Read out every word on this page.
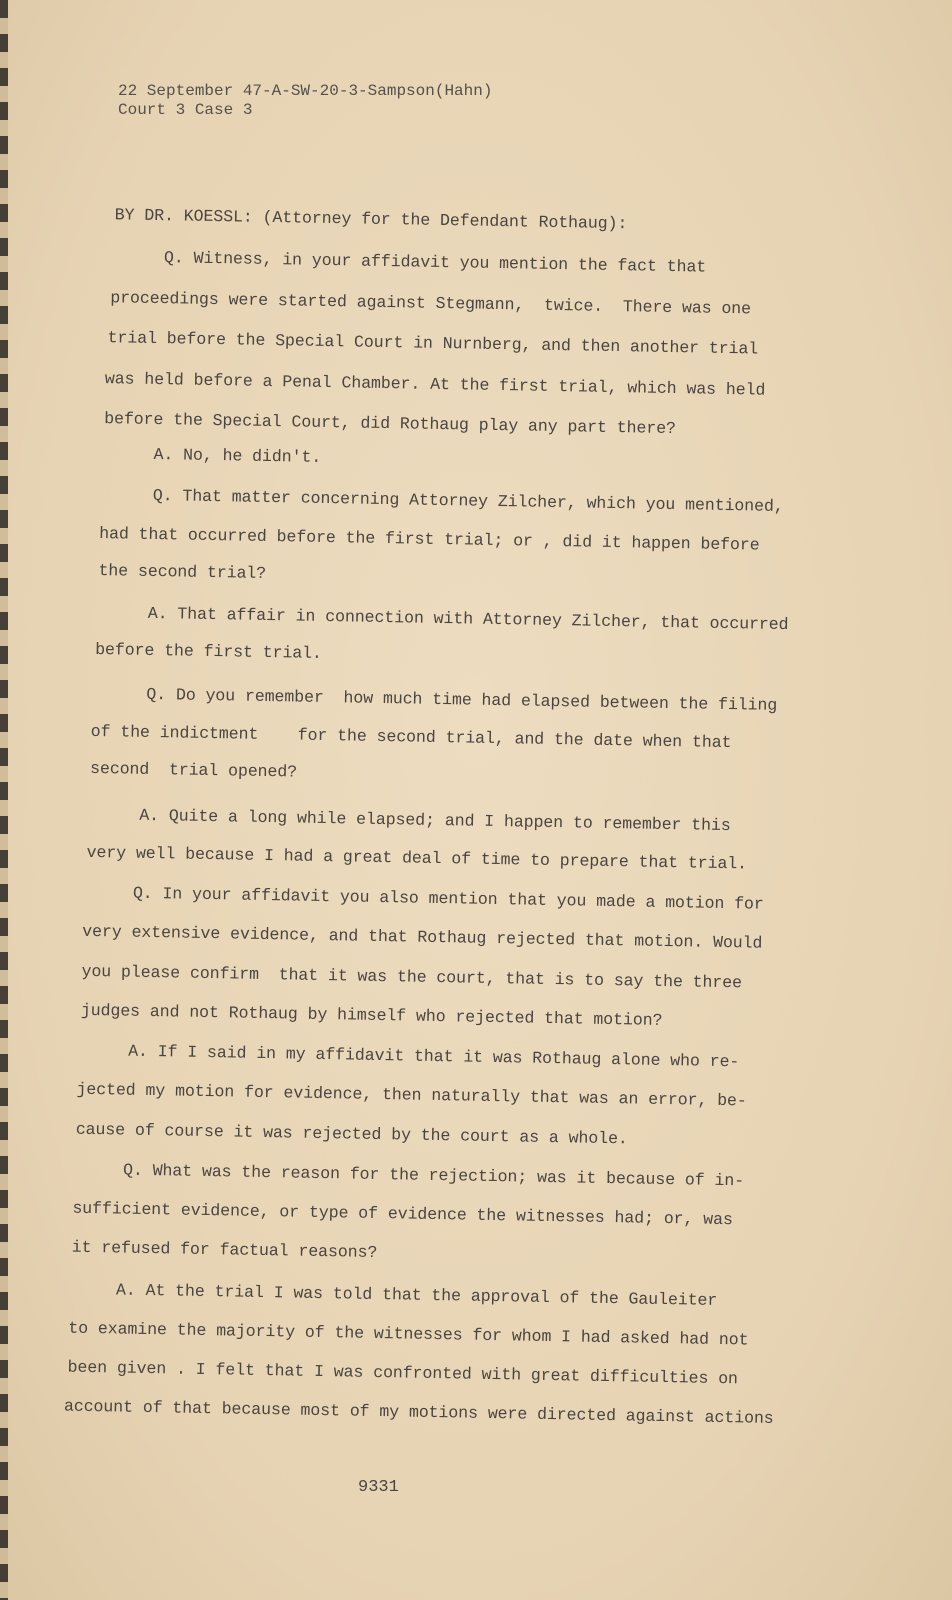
22 September 47-A-SW-20-3-Sampson(Hahn)
Court 3 Case 3
BY DR. KOESSL: (Attorney for the Defendant Rothaug):
Q. Witness, in your affidavit you mention the fact that
proceedings were started against Stegmann,  twice.  There was one
trial before the Special Court in Nurnberg, and then another trial
was held before a Penal Chamber. At the first trial, which was held
before the Special Court, did Rothaug play any part there?
A. No, he didn't.
Q. That matter concerning Attorney Zilcher, which you mentioned,
had that occurred before the first trial; or , did it happen before
the second trial?
A. That affair in connection with Attorney Zilcher, that occurred
before the first trial.
Q. Do you remember  how much time had elapsed between the filing
of the indictment    for the second trial, and the date when that
second  trial opened?
A. Quite a long while elapsed; and I happen to remember this
very well because I had a great deal of time to prepare that trial.
Q. In your affidavit you also mention that you made a motion for
very extensive evidence, and that Rothaug rejected that motion. Would
you please confirm  that it was the court, that is to say the three
judges and not Rothaug by himself who rejected that motion?
A. If I said in my affidavit that it was Rothaug alone who re-
jected my motion for evidence, then naturally that was an error, be-
cause of course it was rejected by the court as a whole.
Q. What was the reason for the rejection; was it because of in-
sufficient evidence, or type of evidence the witnesses had; or, was
it refused for factual reasons?
A. At the trial I was told that the approval of the Gauleiter
to examine the majority of the witnesses for whom I had asked had not
been given . I felt that I was confronted with great difficulties on
account of that because most of my motions were directed against actions
9331
